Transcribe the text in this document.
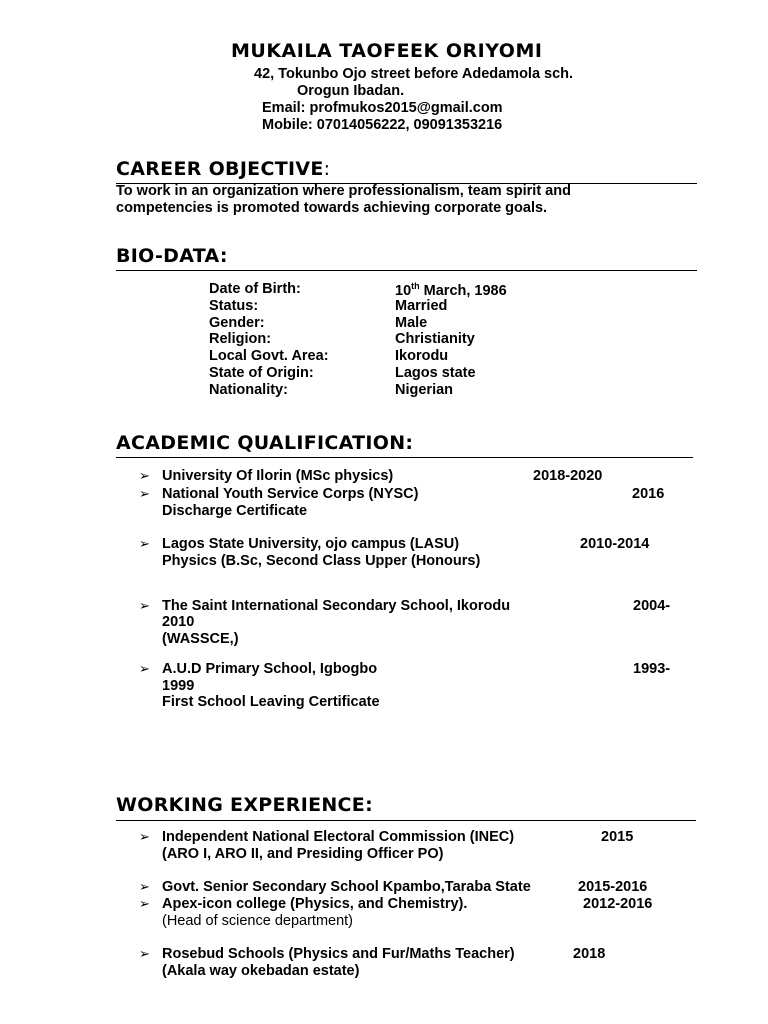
MUKAILA TAOFEEK ORIYOMI
42, Tokunbo Ojo street before Adedamola sch.
Orogun Ibadan.
Email: profmukos2015@gmail.com
Mobile: 07014056222, 09091353216
CAREER OBJECTIVE:
To work in an organization where professionalism, team spirit and
competencies is promoted towards achieving corporate goals.
BIO-DATA:
Date of Birth:	10th March, 1986
Status:	Married
Gender:	Male
Religion:	Christianity
Local Govt. Area:	Ikorodu
State of Origin:	Lagos state
Nationality:	Nigerian
ACADEMIC QUALIFICATION:
➢ University Of Ilorin (MSc physics)	2018-2020
➢ National Youth Service Corps (NYSC)	2016
Discharge Certificate
➢ Lagos State University, ojo campus (LASU)	2010-2014
Physics (B.Sc, Second Class Upper (Honours)
➢ The Saint International Secondary School, Ikorodu	2004-
2010
(WASSCE,)
➢ A.U.D Primary School, Igbogbo	1993-
1999
First School Leaving Certificate
WORKING EXPERIENCE:
➢ Independent National Electoral Commission (INEC)	2015
(ARO I, ARO II, and Presiding Officer PO)
➢ Govt. Senior Secondary School Kpambo,Taraba State	2015-2016
➢ Apex-icon college (Physics, and Chemistry).	2012-2016
(Head of science department)
➢ Rosebud Schools (Physics and Fur/Maths Teacher)	2018
(Akala way okebadan estate)
